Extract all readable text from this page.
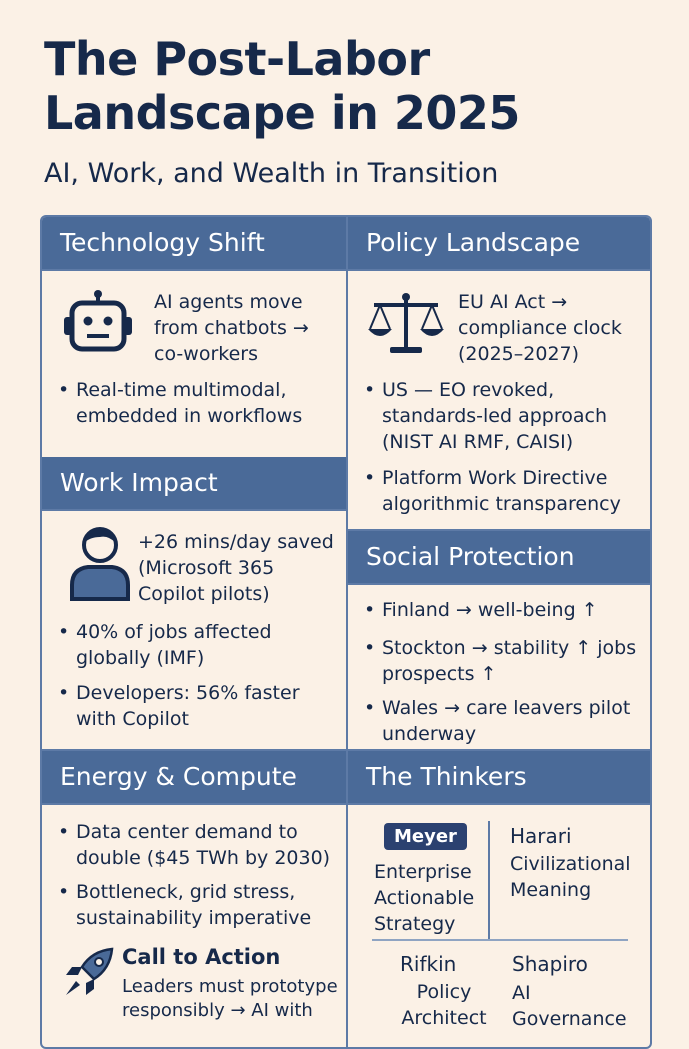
The Post-Labor Landscape in 2025
AI, Work, and Wealth in Transition
Technology Shift
AI agents move from chatbots → co-workers
• Real-time multimodal, embedded in workflows
Work Impact
+26 mins/day saved (Microsoft 365 Copilot pilots)
• 40% of jobs affected globally (IMF)
• Developers: 56% faster with Copilot
Energy & Compute
• Data center demand to double ($45 TWh by 2030)
• Bottleneck, grid stress, sustainability imperative
Call to Action
Leaders must prototype responsibly → AI with
Policy Landscape
EU AI Act → compliance clock (2025–2027)
• US — EO revoked, standards-led approach (NIST AI RMF, CAISI)
• Platform Work Directive algorithmic transparency
Social Protection
• Finland → well-being ↑
• Stockton → stability ↑ jobs prospects ↑
• Wales → care leavers pilot underway
The Thinkers
Meyer
Enterprise Actionable Strategy
Harari
Civilizational Meaning
Rifkin
Policy Architect
Shapiro
AI Governance
